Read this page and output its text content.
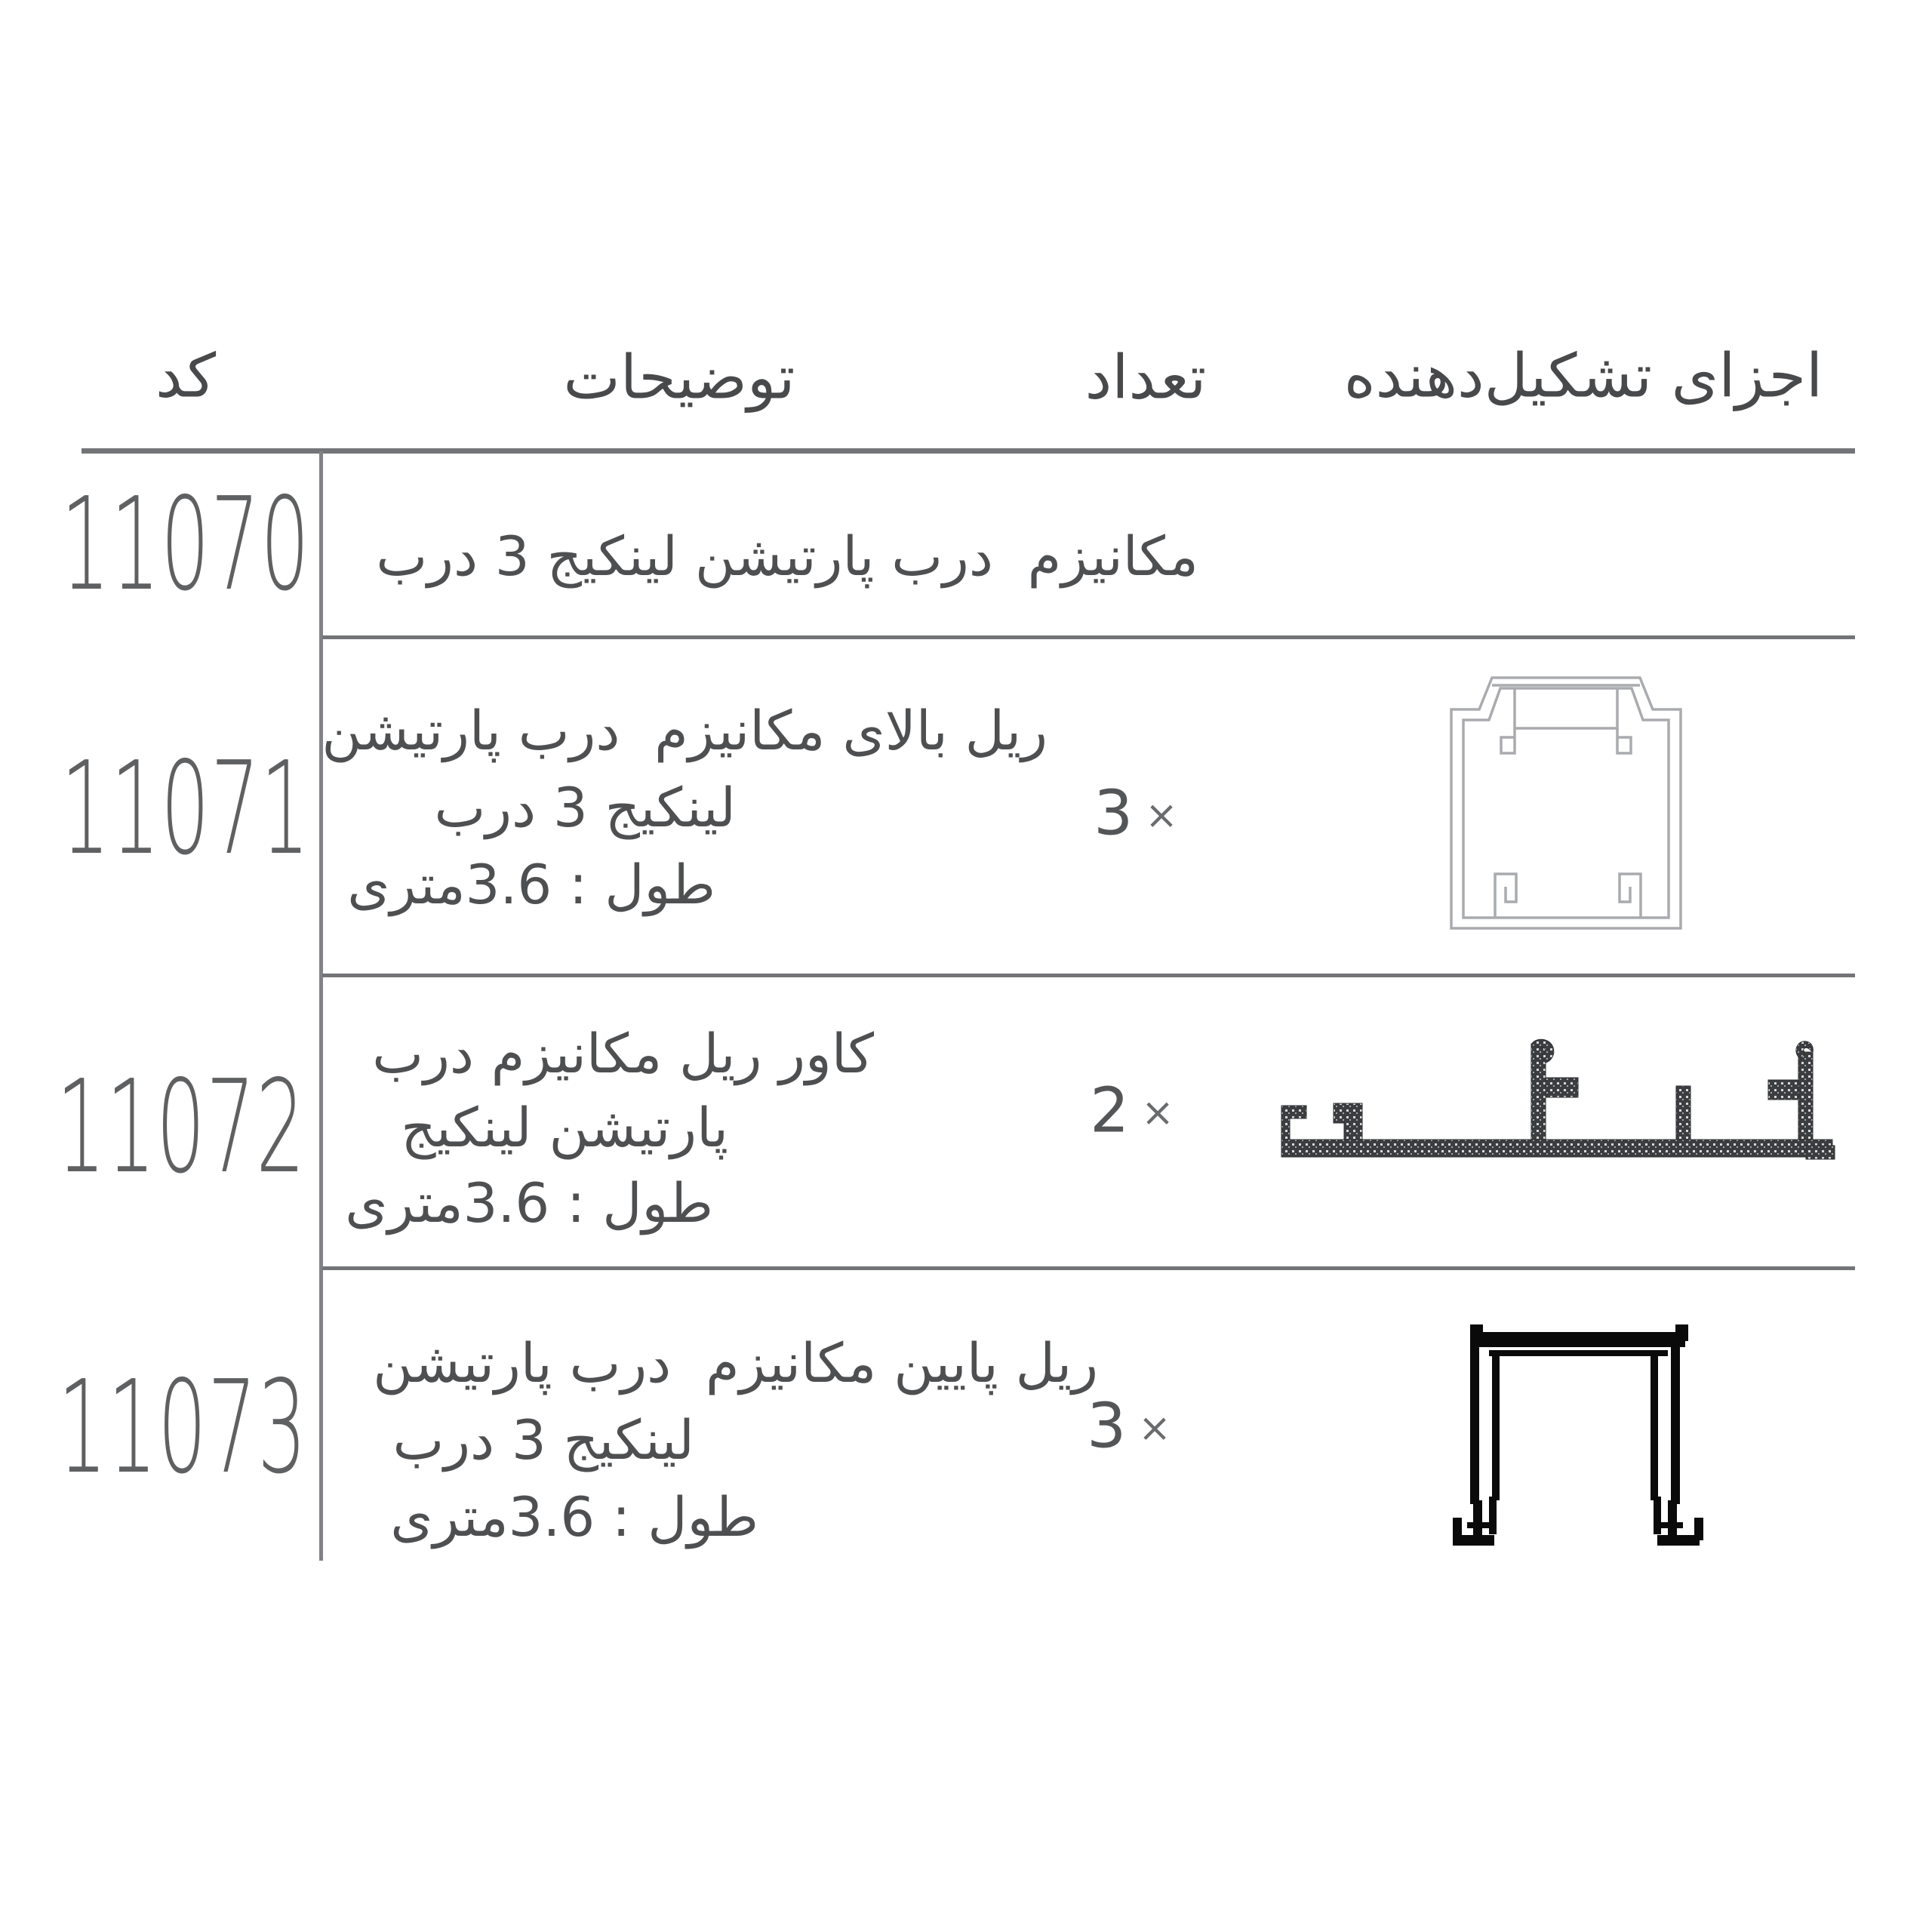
کد	توضیحات	تعداد اجزای تشکیل‌دهنده
11070 مکانیزم  درب پارتیشن لینکیج 3 درب
11071
ریل بالای مکانیزم  درب پارتیشن
لینکیج 3 درب
طول : 3.6متری
3 ×
11072 کاور ریل مکانیزم درب
پارتیشن لینکیج
طول : 3.6متری
2 ×
11073 ریل پایین مکانیزم  درب پارتیشن
لینکیج 3 درب
طول : 3.6متری
3 ×
